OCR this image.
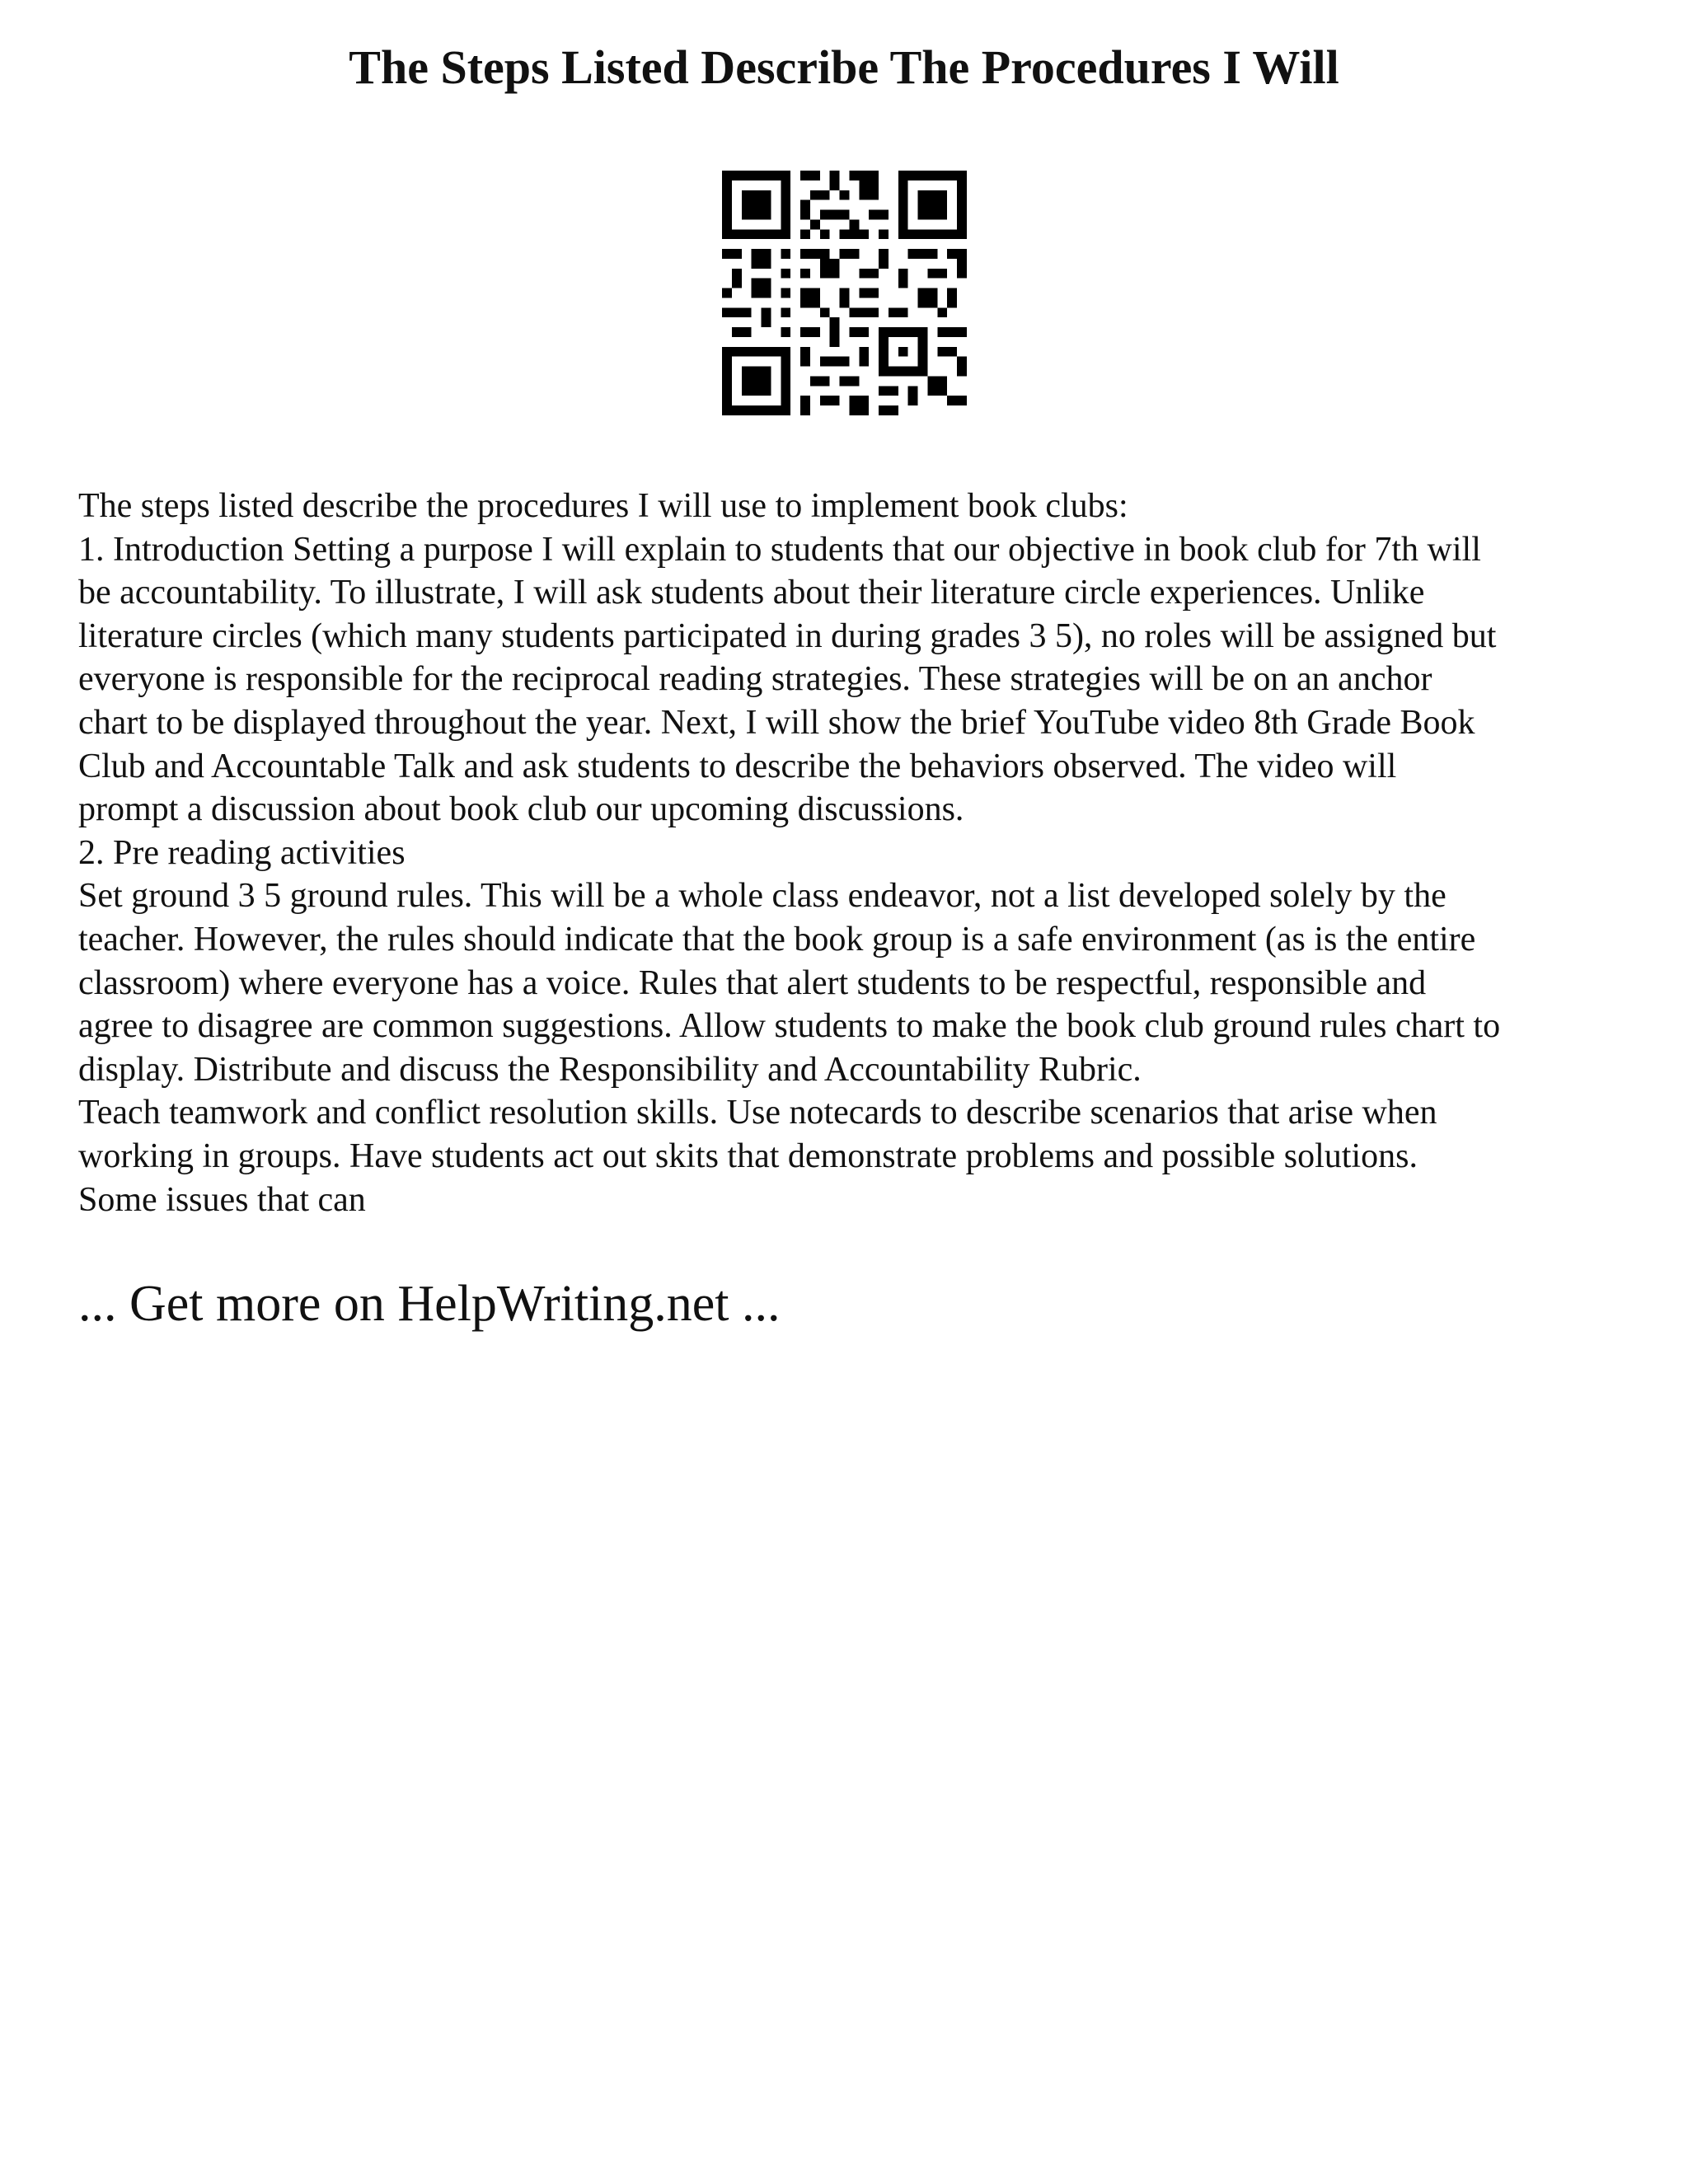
The Steps Listed Describe The Procedures I Will
The steps listed describe the procedures I will use to implement book clubs:
1. Introduction Setting a purpose I will explain to students that our objective in book club for 7th will
be accountability. To illustrate, I will ask students about their literature circle experiences. Unlike
literature circles (which many students participated in during grades 3 5), no roles will be assigned but
everyone is responsible for the reciprocal reading strategies. These strategies will be on an anchor
chart to be displayed throughout the year. Next, I will show the brief YouTube video 8th Grade Book
Club and Accountable Talk and ask students to describe the behaviors observed. The video will
prompt a discussion about book club our upcoming discussions.
2. Pre reading activities
Set ground 3 5 ground rules. This will be a whole class endeavor, not a list developed solely by the
teacher. However, the rules should indicate that the book group is a safe environment (as is the entire
classroom) where everyone has a voice. Rules that alert students to be respectful, responsible and
agree to disagree are common suggestions. Allow students to make the book club ground rules chart to
display. Distribute and discuss the Responsibility and Accountability Rubric.
Teach teamwork and conflict resolution skills. Use notecards to describe scenarios that arise when
working in groups. Have students act out skits that demonstrate problems and possible solutions.
Some issues that can
... Get more on HelpWriting.net ...
